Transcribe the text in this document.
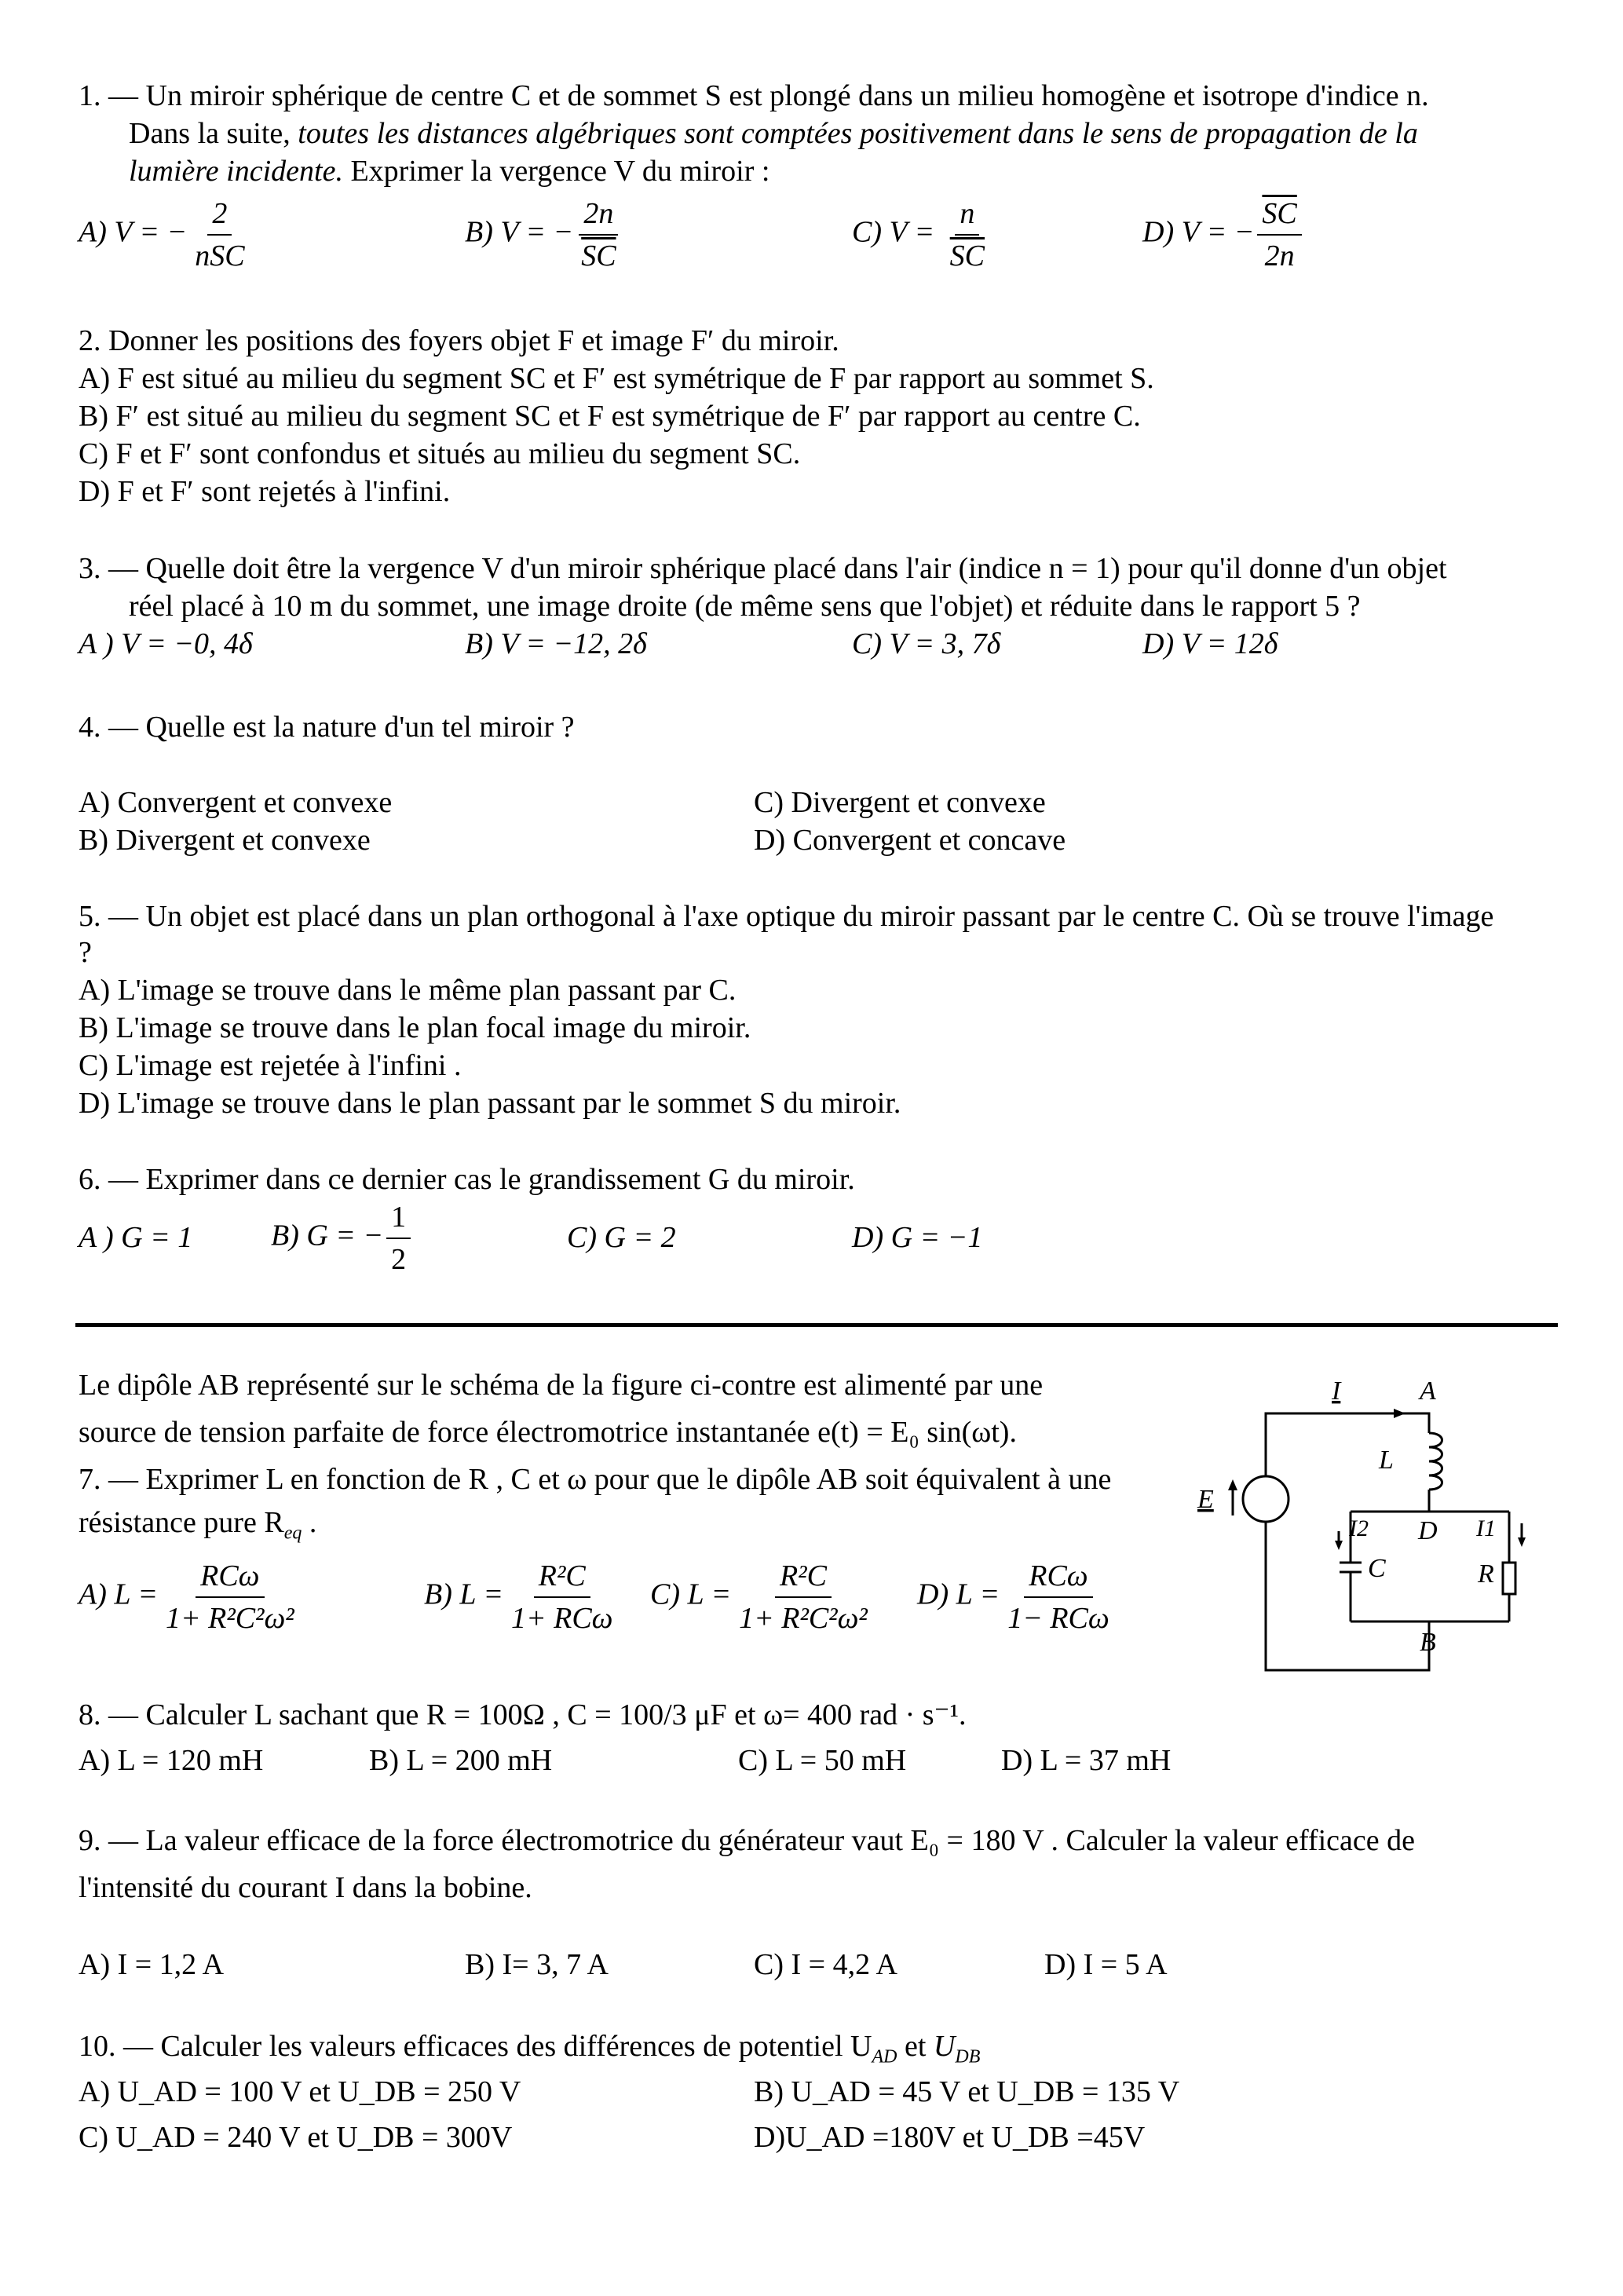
1. — Un miroir sphérique de centre C et de sommet S est plongé dans un milieu homogène et isotrope d'indice n.
Dans la suite, toutes les distances algébriques sont comptées positivement dans le sens de propagation de la
lumière incidente. Exprimer la vergence V du miroir :
A) V = − $\frac{2}{\text{nSC}}$	B) V = − $\frac{2n}{SC}$	C) $V = \frac{n}{SC}$	D) V = − $\frac{\overline{SC}}{2n}$
2. Donner les positions des foyers objet F et image F′ du miroir.
A) F est situé au milieu du segment SC et F′ est symétrique de F par rapport au sommet S.
B) F′ est situé au milieu du segment SC et F est symétrique de F′ par rapport au centre C.
C) F et F′ sont confondus et situés au milieu du segment SC.
D) F et F′ sont rejetés à l'infini.
3. — Quelle doit être la vergence V d'un miroir sphérique placé dans l'air (indice n = 1) pour qu'il donne d'un objet
réel placé à 10 m du sommet, une image droite (de même sens que l'objet) et réduite dans le rapport 5 ?
A ) V = −0, 4δ	B) V = −12, 2δ	C) V = 3, 7δ	D) V = 12δ
4. — Quelle est la nature d'un tel miroir ?
A) Convergent et convexe
B) Divergent et convexe
C) Divergent et convexe
D) Convergent et concave
5. — Un objet est placé dans un plan orthogonal à l'axe optique du miroir passant par le centre C. Où se trouve l'image
?
A) L'image se trouve dans le même plan passant par C.
B) L'image se trouve dans le plan focal image du miroir.
C) L'image est rejetée à l'infini .
D) L'image se trouve dans le plan passant par le sommet S du miroir.
6. — Exprimer dans ce dernier cas le grandissement G du miroir.
A ) G = 1	B) G = − $\frac{1}{2}$	C) G = 2	D) G = −1
Le dipôle AB représenté sur le schéma de la figure ci-contre est alimenté par une
source de tension parfaite de force électromotrice instantanée e(t) = E₀ sin(ωt).
7. — Exprimer L en fonction de R , C et ω pour que le dipôle AB soit équivalent à une
résistance pure $R_{eq}$ .
A) $L = \frac{\text{RCω}}{\text{1+ R²C²ω²}}$	B) $L = \frac{\text{R²C}}{\text{1+ RCω}} C$) $L = \frac{\text{R²C}}{\text{1+ R²C²ω²}} D$) $L = \frac{\text{RCω}}{\text{1− RCω}}$
I	A
L
E
I2 D I1
C	R
B
8. — Calculer L sachant que R = 100Ω , C = 100/3 μF et ω= 400 rad · s⁻¹.
A) L = 120 mH	B) L = 200 mH	C) L = 50 mH	D) L = 37 mH
9. — La valeur efficace de la force électromotrice du générateur vaut E₀ = 180 V . Calculer la valeur efficace de
l'intensité du courant I dans la bobine.
A) I = 1,2 A	B) I= 3, 7 A	C) I = 4,2 A	D) I = 5 A
10. — Calculer les valeurs efficaces des différences de potentiel $U_{AD}$ et $U_{DB}$
A) U_AD = 100 V et U_DB = 250 V	B) U_AD = 45 V et U_DB = 135 V
C) U_AD = 240 V et U_DB = 300V	D)U_AD =180V et U_DB =45V
